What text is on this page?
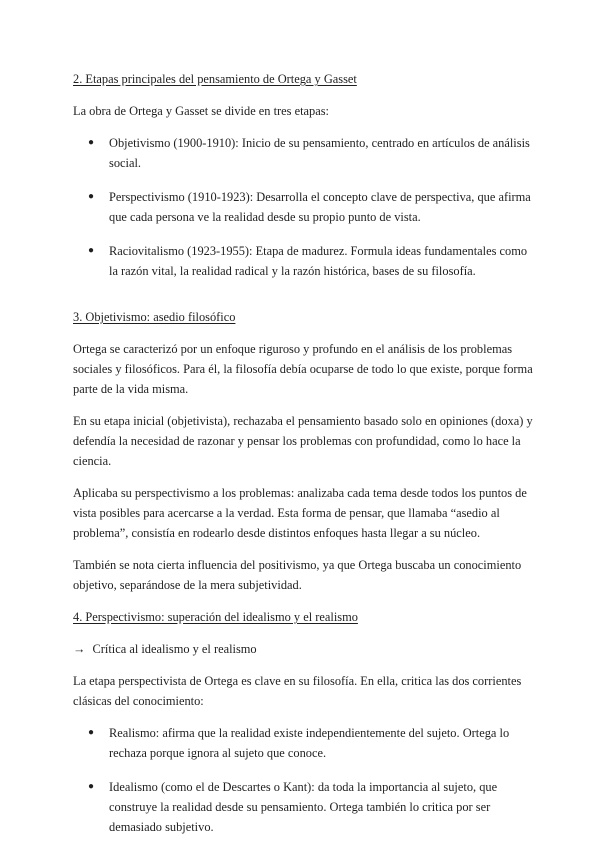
2. Etapas principales del pensamiento de Ortega y Gasset

La obra de Ortega y Gasset se divide en tres etapas:

● Objetivismo (1900-1910): Inicio de su pensamiento, centrado en artículos de análisis social.
● Perspectivismo (1910-1923): Desarrolla el concepto clave de perspectiva, que afirma que cada persona ve la realidad desde su propio punto de vista.
● Raciovitalismo (1923-1955): Etapa de madurez. Formula ideas fundamentales como la razón vital, la realidad radical y la razón histórica, bases de su filosofía.
3. Objetivismo: asedio filosófico

Ortega se caracterizó por un enfoque riguroso y profundo en el análisis de los problemas sociales y filosóficos. Para él, la filosofía debía ocuparse de todo lo que existe, porque forma parte de la vida misma.

En su etapa inicial (objetivista), rechazaba el pensamiento basado solo en opiniones (doxa) y defendía la necesidad de razonar y pensar los problemas con profundidad, como lo hace la ciencia.

Aplicaba su perspectivismo a los problemas: analizaba cada tema desde todos los puntos de vista posibles para acercarse a la verdad. Esta forma de pensar, que llamaba “asedio al problema”, consistía en rodearlo desde distintos enfoques hasta llegar a su núcleo.

También se nota cierta influencia del positivismo, ya que Ortega buscaba un conocimiento objetivo, separándose de la mera subjetividad.

4. Perspectivismo: superación del idealismo y el realismo

→ Crítica al idealismo y el realismo

La etapa perspectivista de Ortega es clave en su filosofía. En ella, critica las dos corrientes clásicas del conocimiento:

● Realismo: afirma que la realidad existe independientemente del sujeto. Ortega lo rechaza porque ignora al sujeto que conoce.
● Idealismo (como el de Descartes o Kant): da toda la importancia al sujeto, que construye la realidad desde su pensamiento. Ortega también lo critica por ser demasiado subjetivo.
